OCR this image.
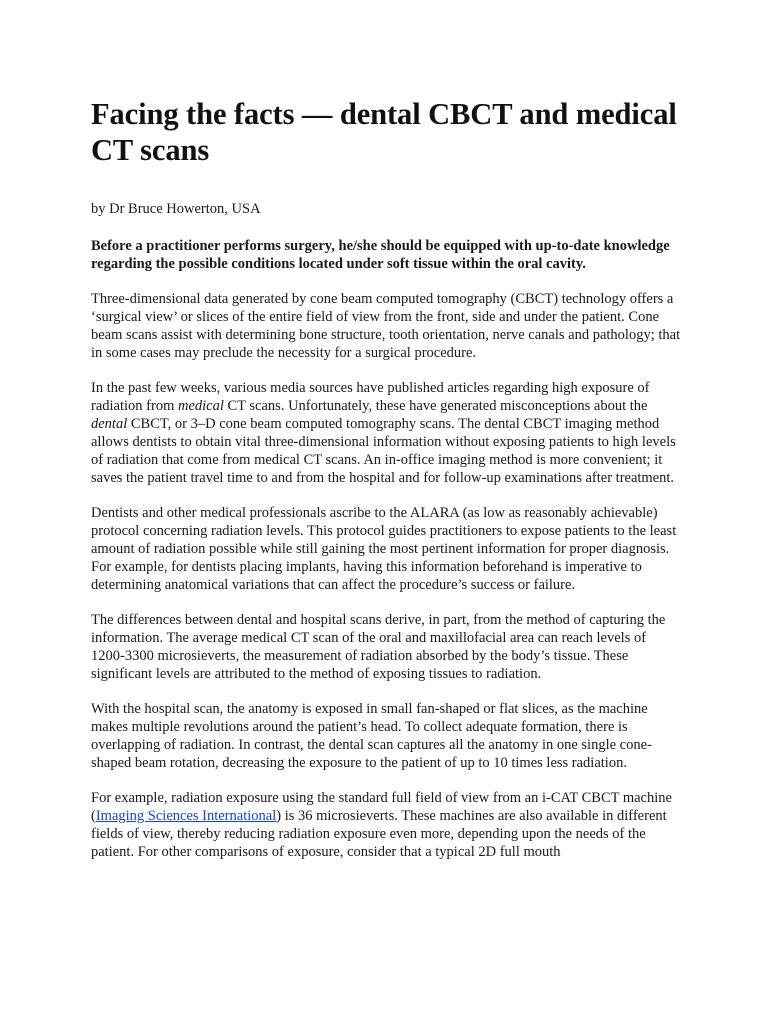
Facing the facts — dental CBCT and medical CT scans
by Dr Bruce Howerton, USA

Before a practitioner performs surgery, he/she should be equipped with up-to-date knowledge regarding the possible conditions located under soft tissue within the oral cavity.

Three-dimensional data generated by cone beam computed tomography (CBCT) technology offers a ‘surgical view’ or slices of the entire field of view from the front, side and under the patient. Cone beam scans assist with determining bone structure, tooth orientation, nerve canals and pathology; that in some cases may preclude the necessity for a surgical procedure.

In the past few weeks, various media sources have published articles regarding high exposure of radiation from medical CT scans. Unfortunately, these have generated misconceptions about the dental CBCT, or 3–D cone beam computed tomography scans. The dental CBCT imaging method allows dentists to obtain vital three-dimensional information without exposing patients to high levels of radiation that come from medical CT scans. An in-office imaging method is more convenient; it saves the patient travel time to and from the hospital and for follow-up examinations after treatment.

Dentists and other medical professionals ascribe to the ALARA (as low as reasonably achievable) protocol concerning radiation levels. This protocol guides practitioners to expose patients to the least amount of radiation possible while still gaining the most pertinent information for proper diagnosis. For example, for dentists placing implants, having this information beforehand is imperative to determining anatomical variations that can affect the procedure’s success or failure.

The differences between dental and hospital scans derive, in part, from the method of capturing the information. The average medical CT scan of the oral and maxillofacial area can reach levels of 1200-3300 microsieverts, the measurement of radiation absorbed by the body’s tissue. These significant levels are attributed to the method of exposing tissues to radiation.

With the hospital scan, the anatomy is exposed in small fan-shaped or flat slices, as the machine makes multiple revolutions around the patient’s head. To collect adequate formation, there is overlapping of radiation. In contrast, the dental scan captures all the anatomy in one single cone-shaped beam rotation, decreasing the exposure to the patient of up to 10 times less radiation.

For example, radiation exposure using the standard full field of view from an i-CAT CBCT machine (Imaging Sciences International) is 36 microsieverts. These machines are also available in different fields of view, thereby reducing radiation exposure even more, depending upon the needs of the patient. For other comparisons of exposure, consider that a typical 2D full mouth
